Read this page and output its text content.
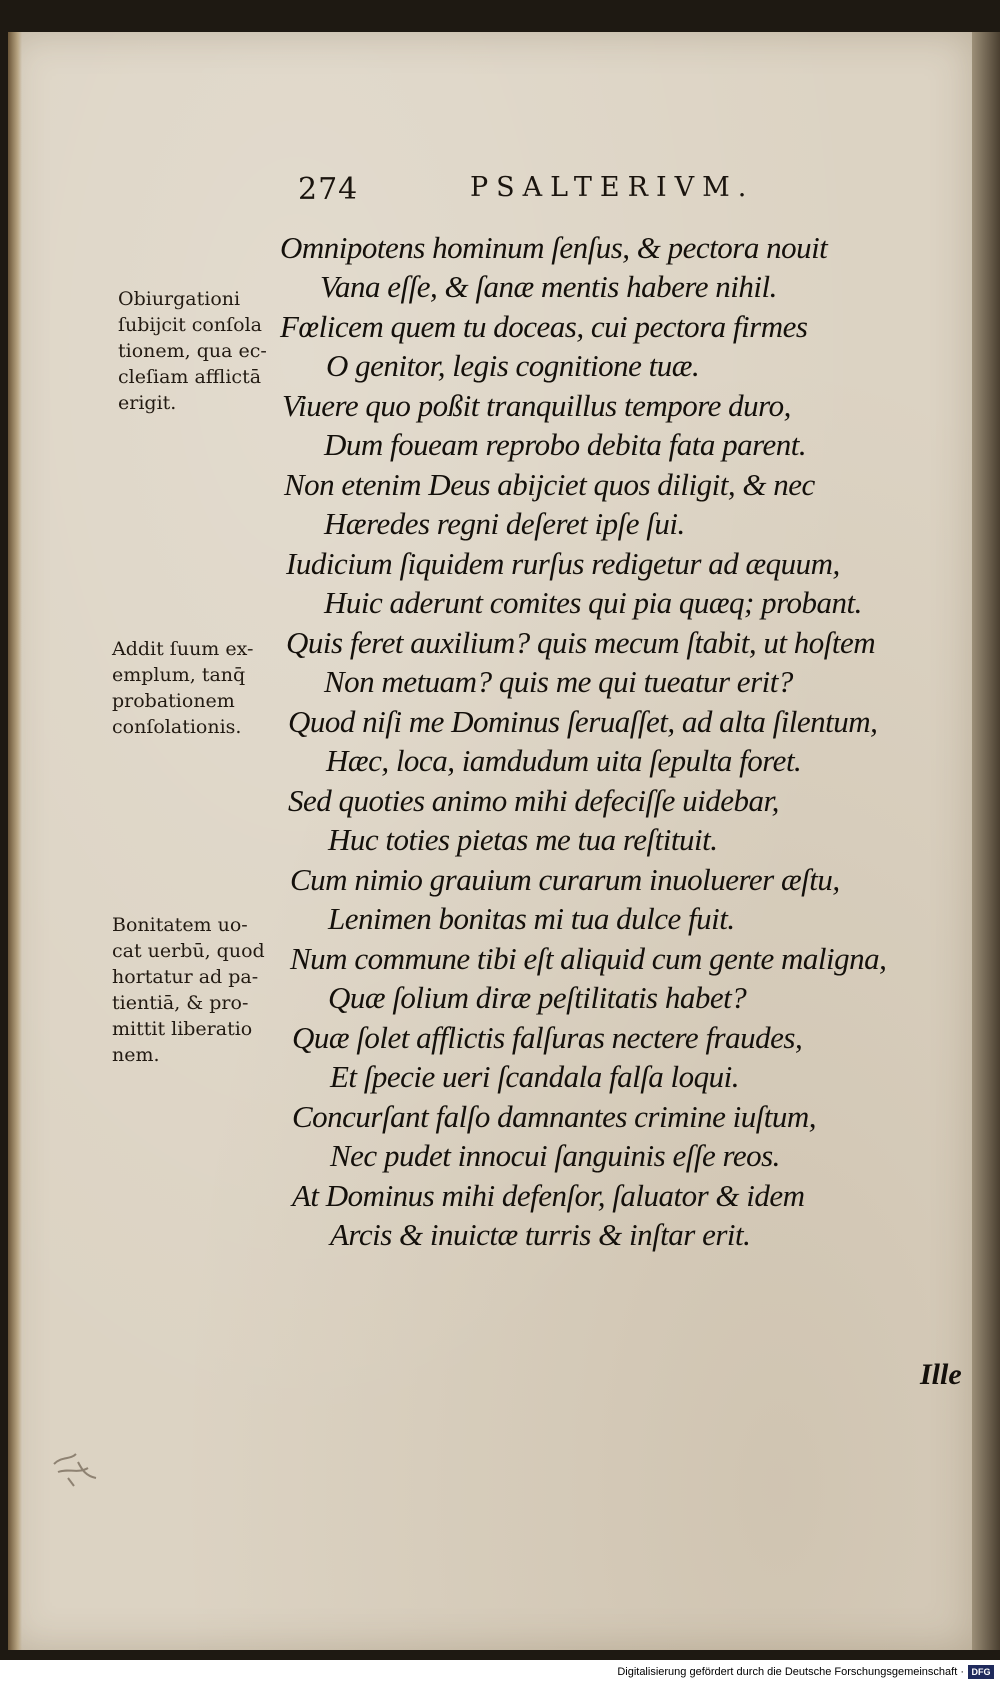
274	PSALTERIVM.
Obiurgationi
ſubijcit conſola
tionem, qua ec-
cleſiam afflictā
erigit.
Addit ſuum ex-
emplum, tanq̄
probationem
conſolationis.
Bonitatem uo-
cat uerbū, quod
hortatur ad pa-
tientiā, & pro-
mittit liberatio
nem.
Omnipotens hominum ſenſus, & pectora nouit
Vana eſſe, & ſanæ mentis habere nihil.
Fœlicem quem tu doceas, cui pectora firmes
O genitor, legis cognitione tuæ.
Viuere quo poßit tranquillus tempore duro,
Dum foueam reprobo debita fata parent.
Non etenim Deus abijciet quos diligit, & nec
Hæredes regni deſeret ipſe ſui.
Iudicium ſiquidem rurſus redigetur ad æquum,
Huic aderunt comites qui pia quæq; probant.
Quis feret auxilium? quis mecum ſtabit, ut hoſtem
Non metuam? quis me qui tueatur erit?
Quod niſi me Dominus ſeruaſſet, ad alta ſilentum,
Hæc, loca, iamdudum uita ſepulta foret.
Sed quoties animo mihi defeciſſe uidebar,
Huc toties pietas me tua reſtituit.
Cum nimio grauium curarum inuoluerer æſtu,
Lenimen bonitas mi tua dulce fuit.
Num commune tibi eſt aliquid cum gente maligna,
Quæ ſolium diræ peſtilitatis habet?
Quæ ſolet afflictis falſuras nectere fraudes,
Et ſpecie ueri ſcandala falſa loqui.
Concurſant falſo damnantes crimine iuſtum,
Nec pudet innocui ſanguinis eſſe reos.
At Dominus mihi defenſor, ſaluator & idem
Arcis & inuictæ turris & inſtar erit.
Ille
Digitalisierung gefördert durch die Deutsche Forschungsgemeinschaft · DFG
